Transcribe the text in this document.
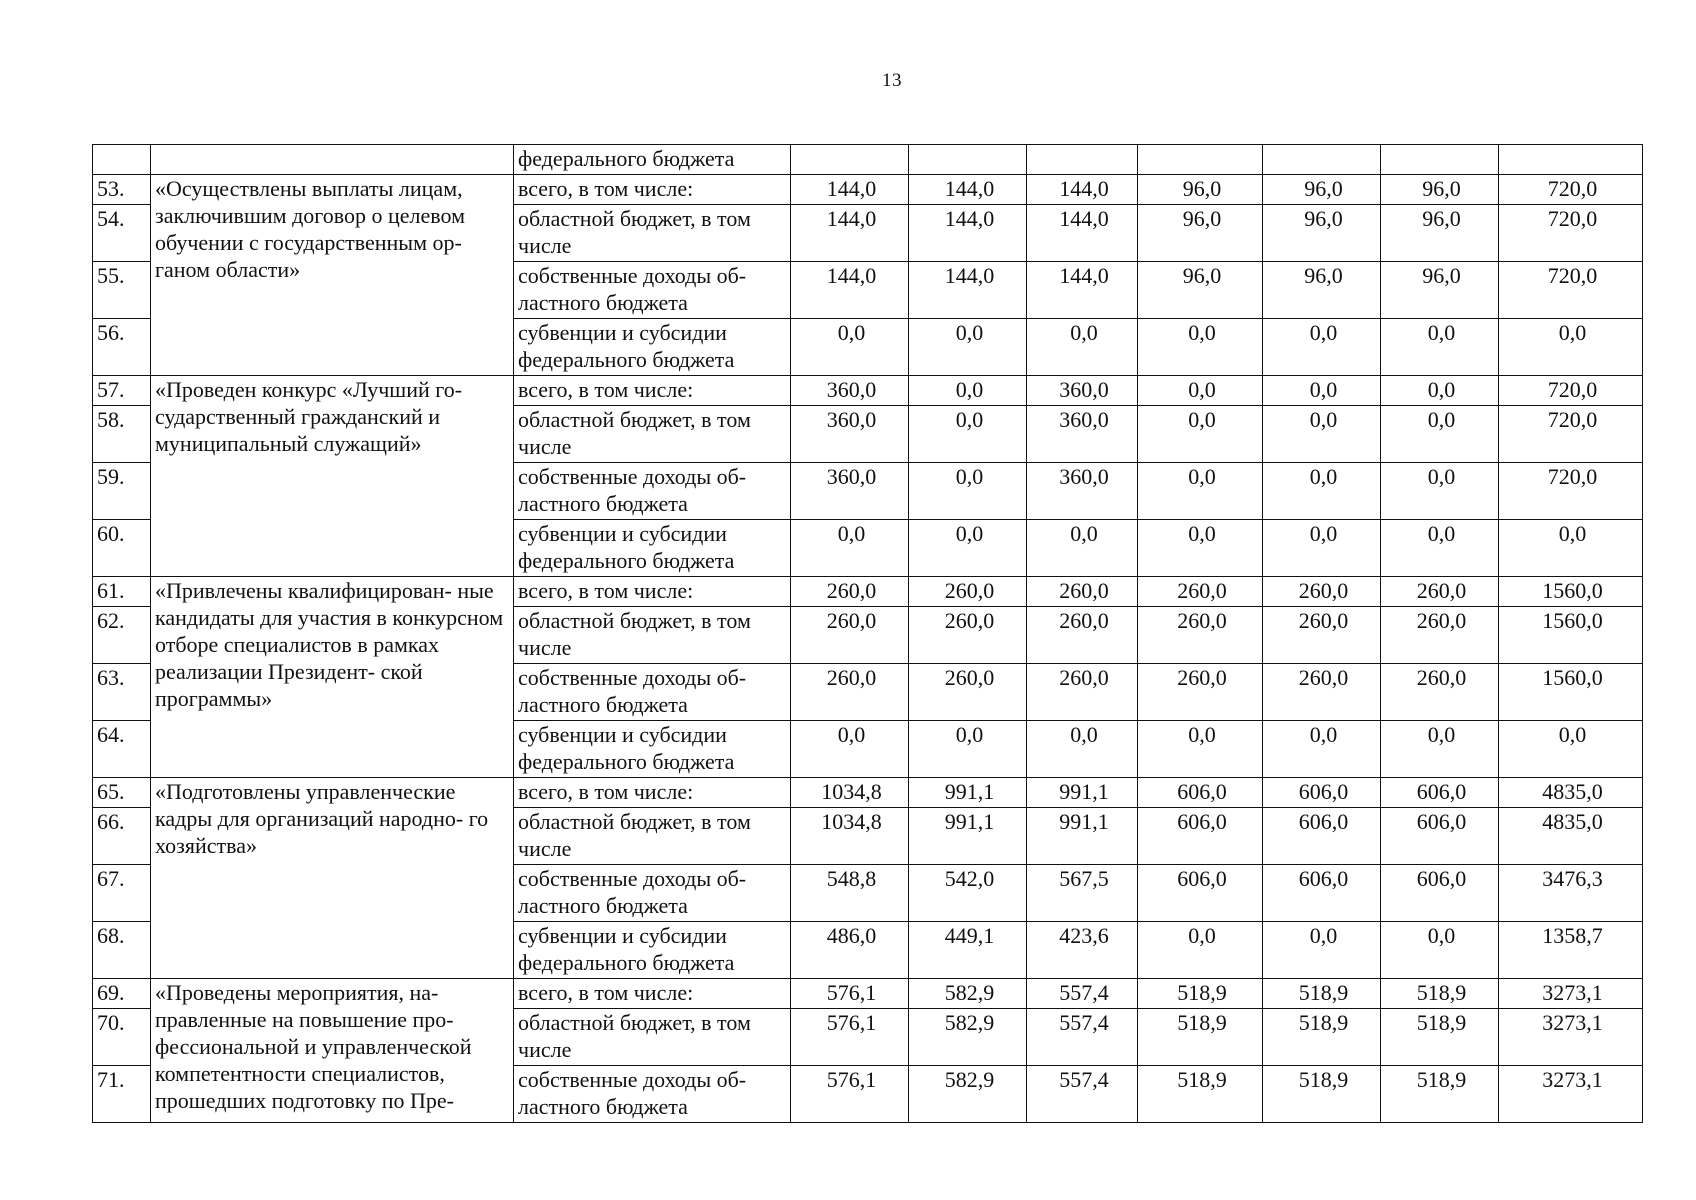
13
		федерального бюджета							
53.	«Осуществлены выплаты лицам, заключившим договор о целевом обучении с государственным ор- ганом области»	всего, в том числе:	144,0	144,0	144,0	96,0	96,0	96,0	720,0
54.		областной бюджет, в том числе	144,0	144,0	144,0	96,0	96,0	96,0	720,0
55.		собственные доходы об- ластного бюджета	144,0	144,0	144,0	96,0	96,0	96,0	720,0
56.		субвенции и субсидии федерального бюджета	0,0	0,0	0,0	0,0	0,0	0,0	0,0
57.	«Проведен конкурс «Лучший го- сударственный гражданский и муниципальный служащий»	всего, в том числе:	360,0	0,0	360,0	0,0	0,0	0,0	720,0
58.		областной бюджет, в том числе	360,0	0,0	360,0	0,0	0,0	0,0	720,0
59.		собственные доходы об- ластного бюджета	360,0	0,0	360,0	0,0	0,0	0,0	720,0
60.		субвенции и субсидии федерального бюджета	0,0	0,0	0,0	0,0	0,0	0,0	0,0
61.	«Привлечены квалифицирован- ные кандидаты для участия в конкурсном отборе специалистов в рамках реализации Президент- ской программы»	всего, в том числе:	260,0	260,0	260,0	260,0	260,0	260,0	1560,0
62.		областной бюджет, в том числе	260,0	260,0	260,0	260,0	260,0	260,0	1560,0
63.		собственные доходы об- ластного бюджета	260,0	260,0	260,0	260,0	260,0	260,0	1560,0
64.		субвенции и субсидии федерального бюджета	0,0	0,0	0,0	0,0	0,0	0,0	0,0
65.	«Подготовлены управленческие кадры для организаций народно- го хозяйства»	всего, в том числе:	1034,8	991,1	991,1	606,0	606,0	606,0	4835,0
66.		областной бюджет, в том числе	1034,8	991,1	991,1	606,0	606,0	606,0	4835,0
67.		собственные доходы об- ластного бюджета	548,8	542,0	567,5	606,0	606,0	606,0	3476,3
68.		субвенции и субсидии федерального бюджета	486,0	449,1	423,6	0,0	0,0	0,0	1358,7
69.	«Проведены мероприятия, на- правленные на повышение про- фессиональной и управленческой компетентности специалистов, прошедших подготовку по Пре-	всего, в том числе:	576,1	582,9	557,4	518,9	518,9	518,9	3273,1
70.		областной бюджет, в том числе	576,1	582,9	557,4	518,9	518,9	518,9	3273,1
71.		собственные доходы об- ластного бюджета	576,1	582,9	557,4	518,9	518,9	518,9	3273,1
